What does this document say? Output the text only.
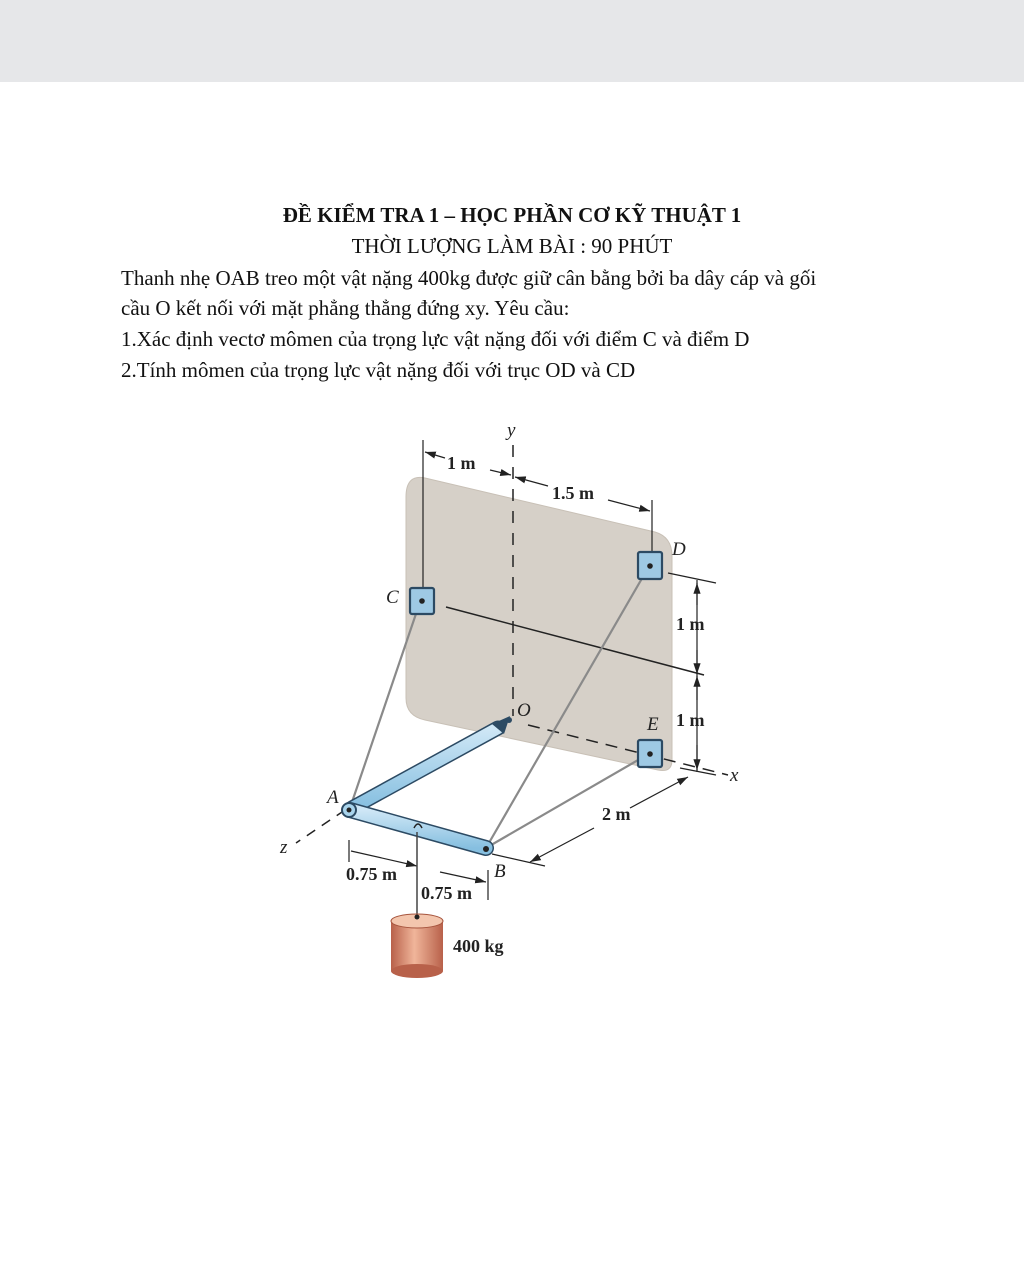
ĐỀ KIỂM TRA 1 – HỌC PHẦN CƠ KỸ THUẬT 1
THỜI LƯỢNG LÀM BÀI : 90 PHÚT
Thanh nhẹ OAB treo một vật nặng 400kg được giữ cân bằng bởi ba dây cáp và gối
cầu O kết nối với mặt phẳng thẳng đứng xy. Yêu cầu:
1.Xác định vectơ mômen của trọng lực vật nặng đối với điểm C và điểm D
2.Tính mômen của trọng lực vật nặng đối với trục OD và CD
y
x
z
A
B
C
D
E
O
1 m
1.5 m
1 m
1 m
2 m
0.75 m
0.75 m
400 kg
